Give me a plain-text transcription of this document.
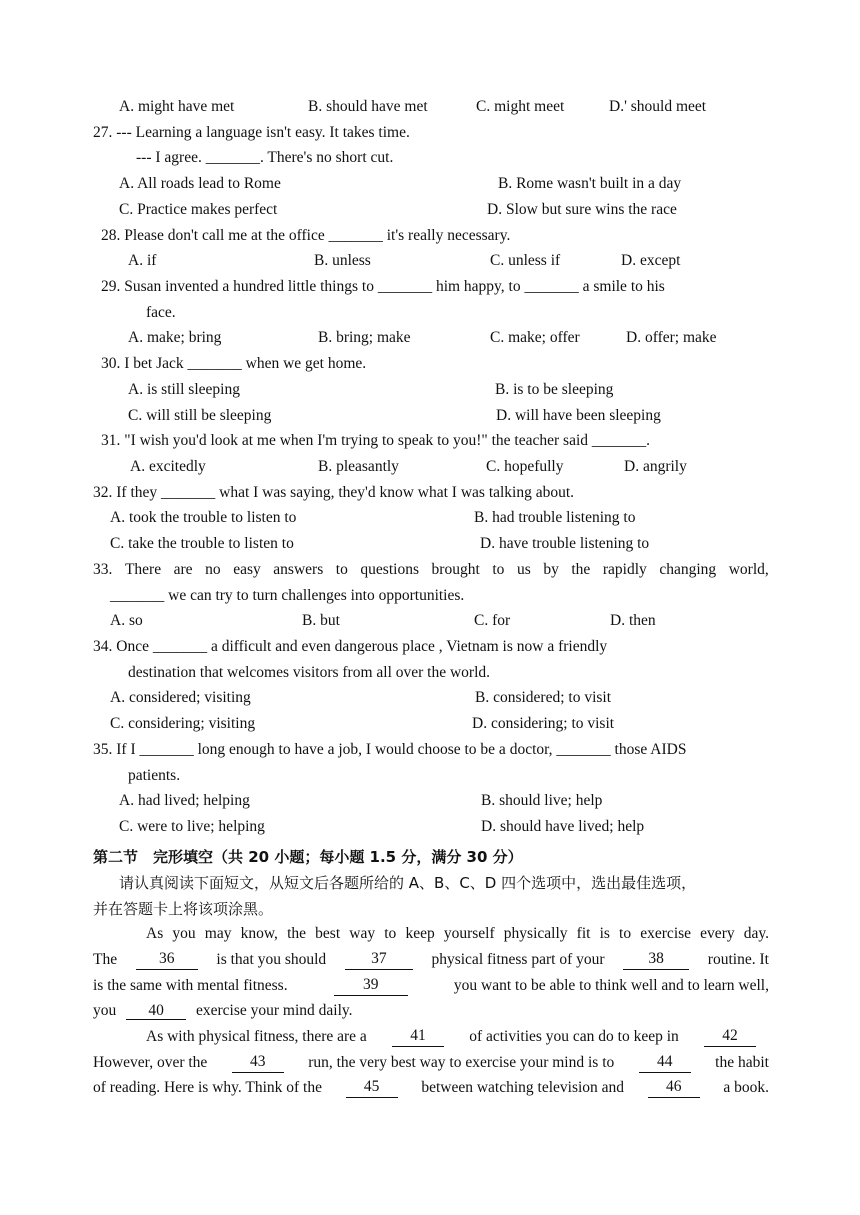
A. might have met	B. should have met	C. might meet	D.' should meet
27. --- Learning a language isn't easy. It takes time.
--- I agree. _______. There's no short cut.
A. All roads lead to Rome	B. Rome wasn't built in a day
C. Practice makes perfect	D. Slow but sure wins the race
28. Please don't call me at the office _______ it's really necessary.
A. if	B. unless	C. unless if	D. except
29. Susan invented a hundred little things to _______ him happy, to _______ a smile to his
face.
A. make; bring	B. bring; make	C. make; offer	D. offer; make
30. I bet Jack _______ when we get home.
A. is still sleeping	B. is to be sleeping
C. will still be sleeping	D. will have been sleeping
31. "I wish you'd look at me when I'm trying to speak to you!" the teacher said _______.
A. excitedly	B. pleasantly	C. hopefully	D. angrily
32. If they _______ what I was saying, they'd know what I was talking about.
A. took the trouble to listen to	B. had trouble listening to
C. take the trouble to listen to	D. have trouble listening to
33. There are no easy answers to questions brought to us by the rapidly changing world,
_______ we can try to turn challenges into opportunities.
A. so	B. but	C. for	D. then
34. Once _______ a difficult and even dangerous place , Vietnam is now a friendly
destination that welcomes visitors from all over the world.
A. considered; visiting	B. considered; to visit
C. considering; visiting	D. considering; to visit
35. If I _______ long enough to have a job, I would choose to be a doctor, _______ those AIDS
patients.
A. had lived; helping	B. should live; help
C. were to live; helping	D. should have lived; help
第二节　完形填空（共 20 小题；每小题 1.5 分，满分 30 分）
请认真阅读下面短文，从短文后各题所给的 A、B、C、D 四个选项中，选出最佳选项，
并在答题卡上将该项涂黑。
As you may know, the best way to keep yourself physically fit is to exercise every day.
The	36	is that you should	37	physical fitness part of your	38	routine. It
is the same with mental fitness.	39	you want to be able to think well and to learn well,
you 40 exercise your mind daily.
As with physical fitness, there are a	41	of activities you can do to keep in	42
However, over the	43	run, the very best way to exercise your mind is to	44	the habit
of reading. Here is why. Think of the	45	between watching television and	46	a book.
